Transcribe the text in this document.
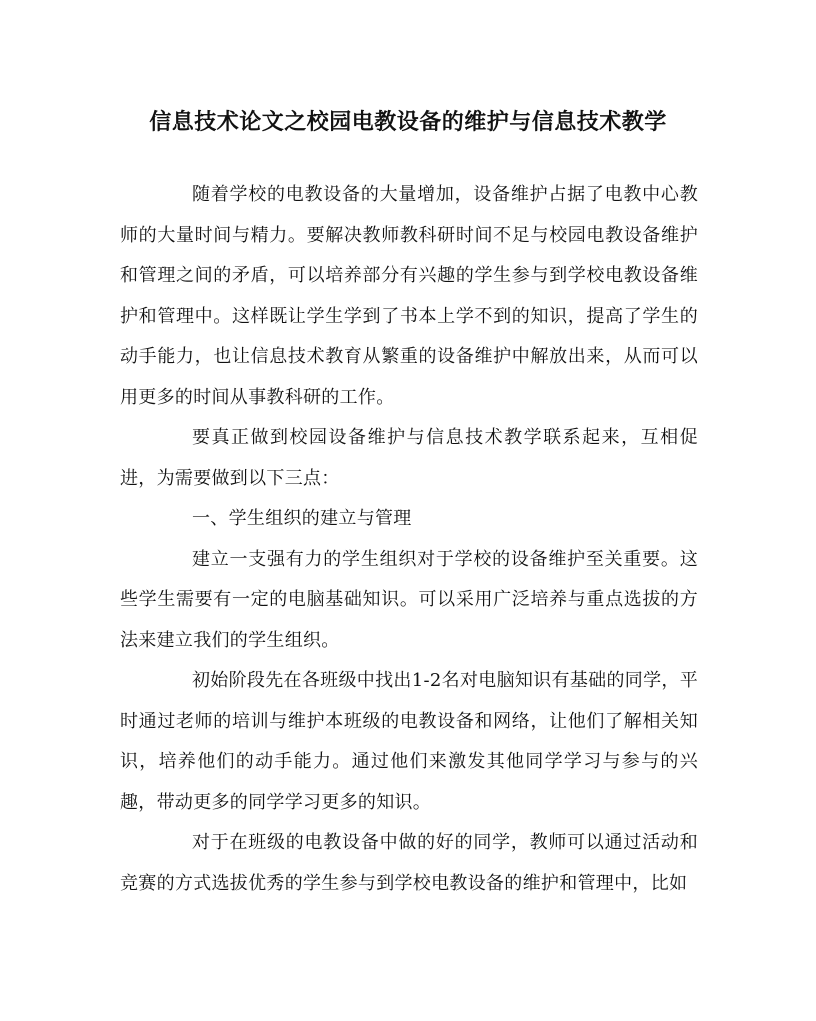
信息技术论文之校园电教设备的维护与信息技术教学

随着学校的电教设备的大量增加，设备维护占据了电教中心教师的大量时间与精力。要解决教师教科研时间不足与校园电教设备维护和管理之间的矛盾，可以培养部分有兴趣的学生参与到学校电教设备维护和管理中。这样既让学生学到了书本上学不到的知识，提高了学生的动手能力，也让信息技术教育从繁重的设备维护中解放出来，从而可以用更多的时间从事教科研的工作。

要真正做到校园设备维护与信息技术教学联系起来，互相促进，为需要做到以下三点：

一、学生组织的建立与管理

建立一支强有力的学生组织对于学校的设备维护至关重要。这些学生需要有一定的电脑基础知识。可以采用广泛培养与重点选拔的方法来建立我们的学生组织。

初始阶段先在各班级中找出1-2名对电脑知识有基础的同学，平时通过老师的培训与维护本班级的电教设备和网络，让他们了解相关知识，培养他们的动手能力。通过他们来激发其他同学学习与参与的兴趣，带动更多的同学学习更多的知识。

对于在班级的电教设备中做的好的同学，教师可以通过活动和竞赛的方式选拔优秀的学生参与到学校电教设备的维护和管理中，比如
